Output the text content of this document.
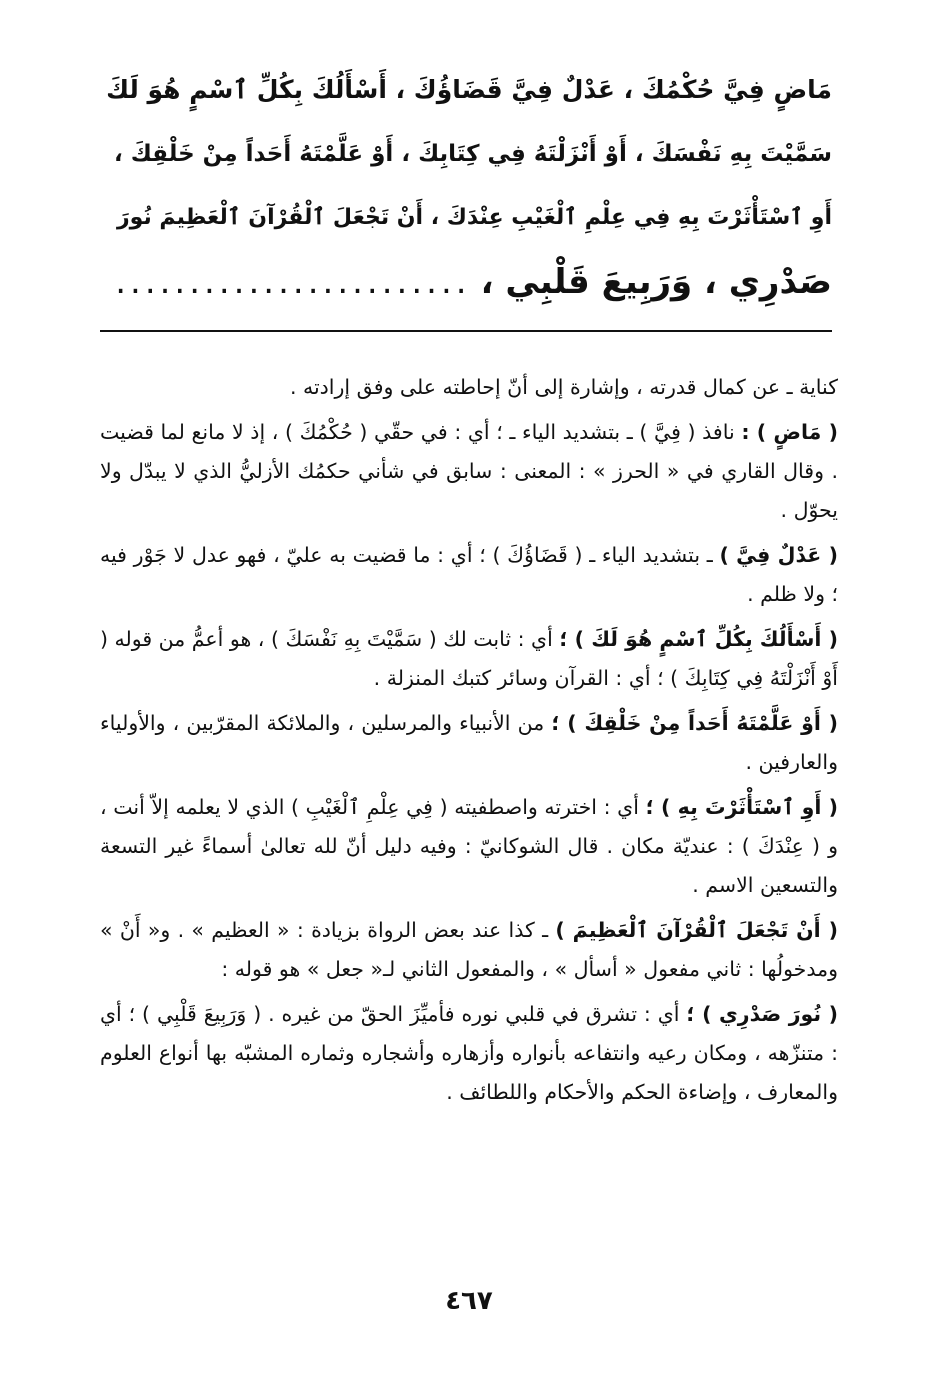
مَاضٍ فِيَّ حُكْمُكَ ، عَدْلٌ فِيَّ قَضَاؤُكَ ، أَسْأَلُكَ بِكُلِّ ٱسْمٍ هُوَ لَكَ
سَمَّيْتَ بِهِ نَفْسَكَ ، أَوْ أَنْزَلْتَهُ فِي كِتَابِكَ ، أَوْ عَلَّمْتَهُ أَحَداً مِنْ خَلْقِكَ ،
أَوِ ٱسْتَأْثَرْتَ بِهِ فِي عِلْمِ ٱلْغَيْبِ عِنْدَكَ ، أَنْ تَجْعَلَ ٱلْقُرْآنَ ٱلْعَظِيمَ نُورَ
صَدْرِي ، وَرَبِيعَ قَلْبِي ،........................

كناية ـ عن كمال قدرته ، وإشارة إلى أنّ إحاطته على وفق إرادته .

( مَاضٍ ) : نافذ ( فِيَّ ) ـ بتشديد الياء ـ ؛ أي : في حقّي ( حُكْمُكَ ) ، إذ لا مانع لما قضيت . وقال القاري في « الحرز » : المعنى : سابق في شأني حكمُك الأزليُّ الذي لا يبدّل ولا يحوّل .

( عَدْلٌ فِيَّ ) ـ بتشديد الياء ـ ( قَضَاؤُكَ ) ؛ أي : ما قضيت به عليّ ، فهو عدل لا جَوْر فيه ؛ ولا ظلم .

( أَسْأَلُكَ بِكُلِّ ٱسْمٍ هُوَ لَكَ ) ؛ أي : ثابت لك ( سَمَّيْتَ بِهِ نَفْسَكَ ) ، هو أعمُّ من قوله ( أَوْ أَنْزَلْتَهُ فِي كِتَابِكَ ) ؛ أي : القرآن وسائر كتبك المنزلة .

( أَوْ عَلَّمْتَهُ أَحَداً مِنْ خَلْقِكَ ) ؛ من الأنبياء والمرسلين ، والملائكة المقرّبين ، والأولياء والعارفين .

( أَوِ ٱسْتَأْثَرْتَ بِهِ ) ؛ أي : اخترته واصطفيته ( فِي عِلْمِ ٱلْغَيْبِ ) الذي لا يعلمه إلاّ أنت ، و ( عِنْدَكَ ) : عنديّة مكان . قال الشوكانيّ : وفيه دليل أنّ لله تعالىٰ أسماءً غير التسعة والتسعين الاسم .

( أَنْ تَجْعَلَ ٱلْقُرْآنَ ٱلْعَظِيمَ ) ـ كذا عند بعض الرواة بزيادة : « العظيم » . و« أَنْ » ومدخولُها : ثاني مفعول « أسأل » ، والمفعول الثاني لـ« جعل » هو قوله :

( نُورَ صَدْرِي ) ؛ أي : تشرق في قلبي نوره فأميِّزَ الحقّ من غيره . ( وَرَبِيعَ قَلْبِي ) ؛ أي : متنزّهه ، ومكان رعيه وانتفاعه بأنواره وأزهاره وأشجاره وثماره المشبّه بها أنواع العلوم والمعارف ، وإضاءة الحكم والأحكام واللطائف .

٤٦٧
